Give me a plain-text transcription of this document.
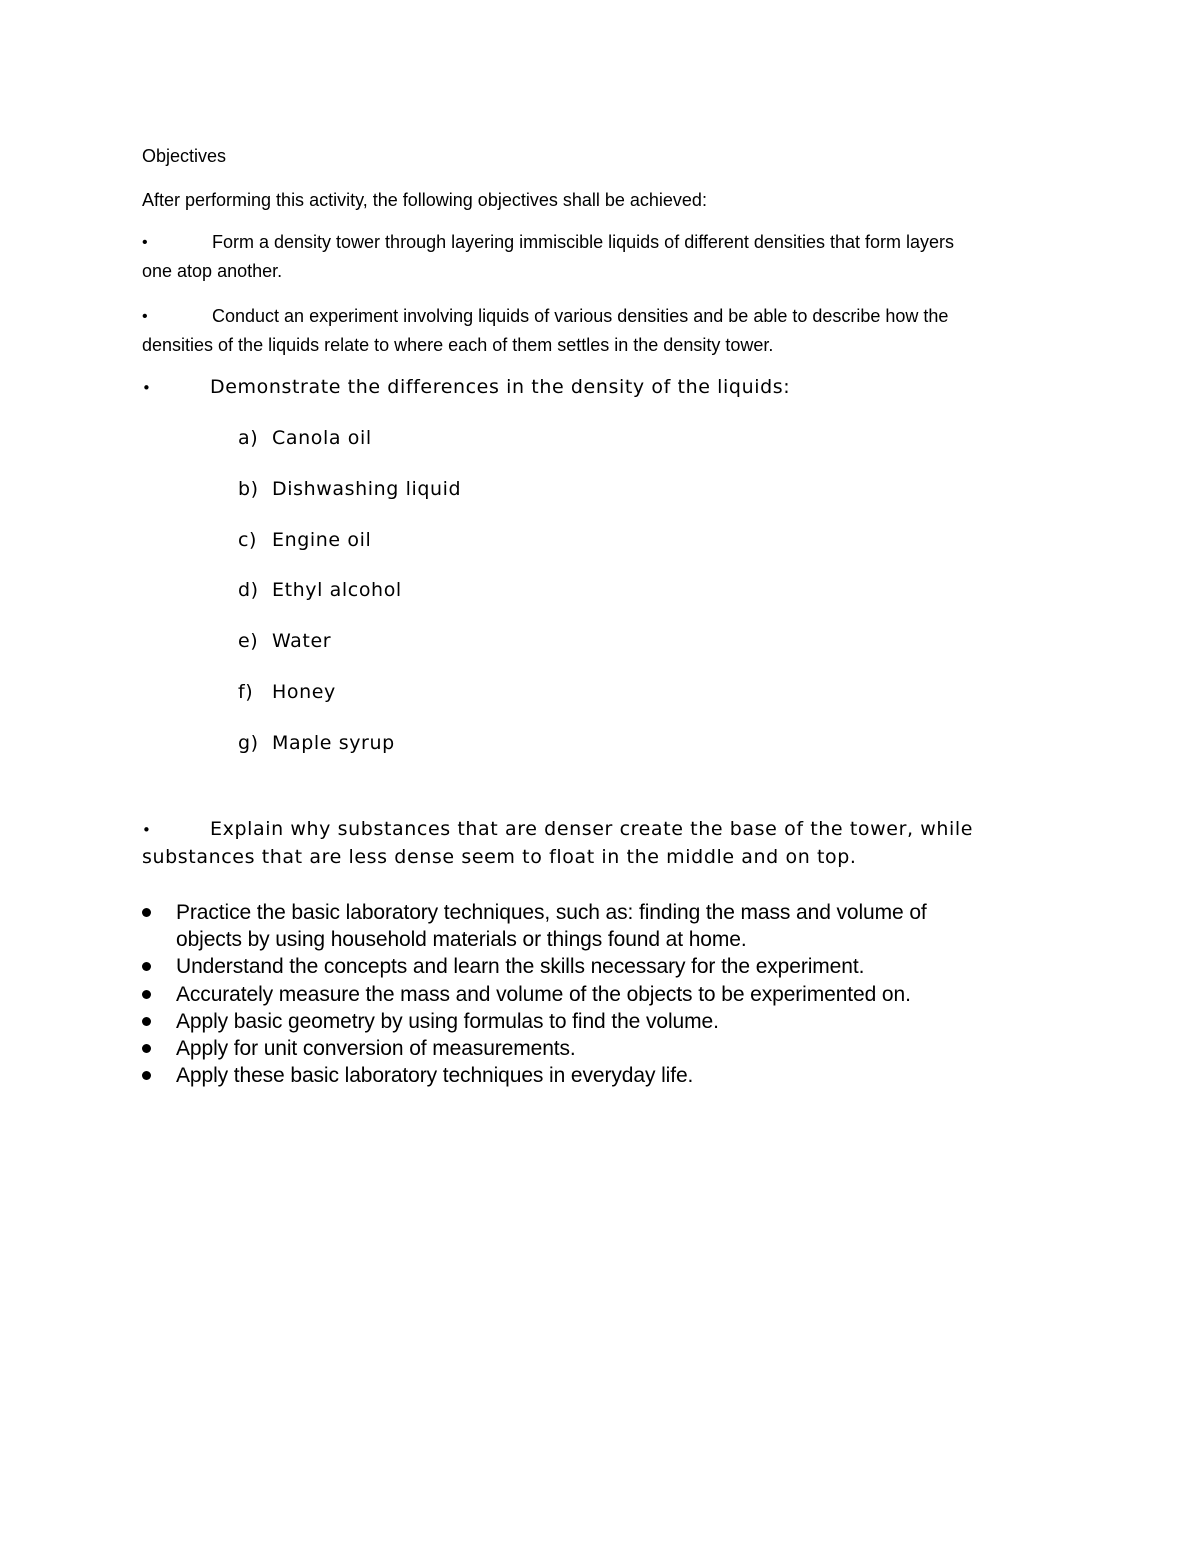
Objectives
After performing this activity, the following objectives shall be achieved:
•	Form a density tower through layering immiscible liquids of different densities that form layers
one atop another.
•	Conduct an experiment involving liquids of various densities and be able to describe how the
densities of the liquids relate to where each of them settles in the density tower.
•	Demonstrate the differences in the density of the liquids:
a) Canola oil
b) Dishwashing liquid
c) Engine oil
d) Ethyl alcohol
e) Water
f) Honey
g) Maple syrup
•	Explain why substances that are denser create the base of the tower, while
substances that are less dense seem to float in the middle and on top.
Practice the basic laboratory techniques, such as: finding the mass and volume of
objects by using household materials or things found at home.
Understand the concepts and learn the skills necessary for the experiment.
Accurately measure the mass and volume of the objects to be experimented on.
Apply basic geometry by using formulas to find the volume.
Apply for unit conversion of measurements.
Apply these basic laboratory techniques in everyday life.
